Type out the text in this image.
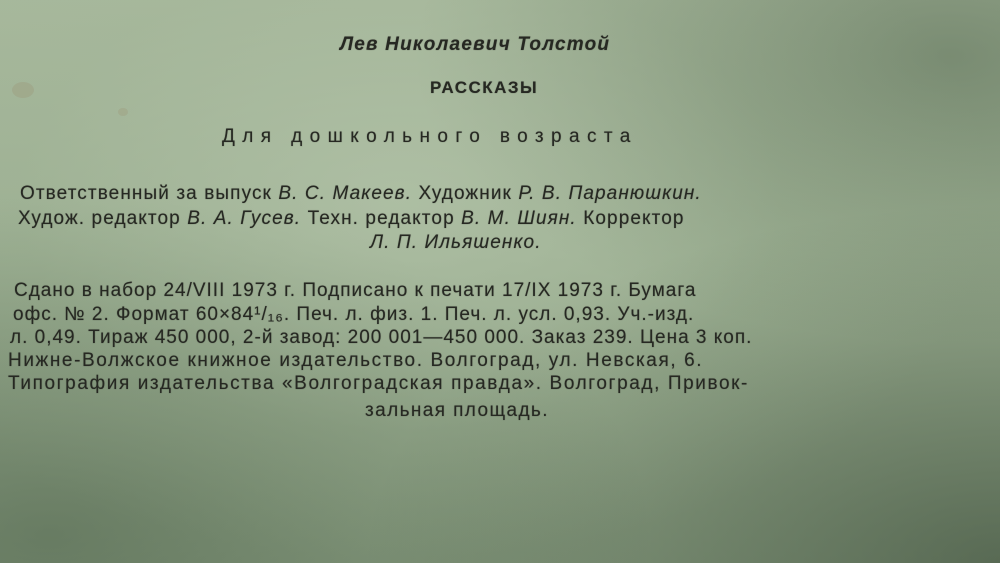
Лев Николаевич Толстой
РАССКАЗЫ
Для дошкольного возраста
Ответственный за выпуск В. С. Макеев. Художник Р. В. Паранюшкин.
Худож. редактор В. А. Гусев. Техн. редактор В. М. Шиян. Корректор
Л. П. Ильяшенко.
Сдано в набор 24/VIII 1973 г. Подписано к печати 17/IX 1973 г. Бумага
офс. № 2. Формат 60×84¹/₁₆. Печ. л. физ. 1. Печ. л. усл. 0,93. Уч.-изд.
л. 0,49. Тираж 450 000, 2-й завод: 200 001—450 000. Заказ 239. Цена 3 коп.
Нижне-Волжское книжное издательство. Волгоград, ул. Невская, 6.
Типография издательства «Волгоградская правда». Волгоград, Привок-
зальная площадь.
